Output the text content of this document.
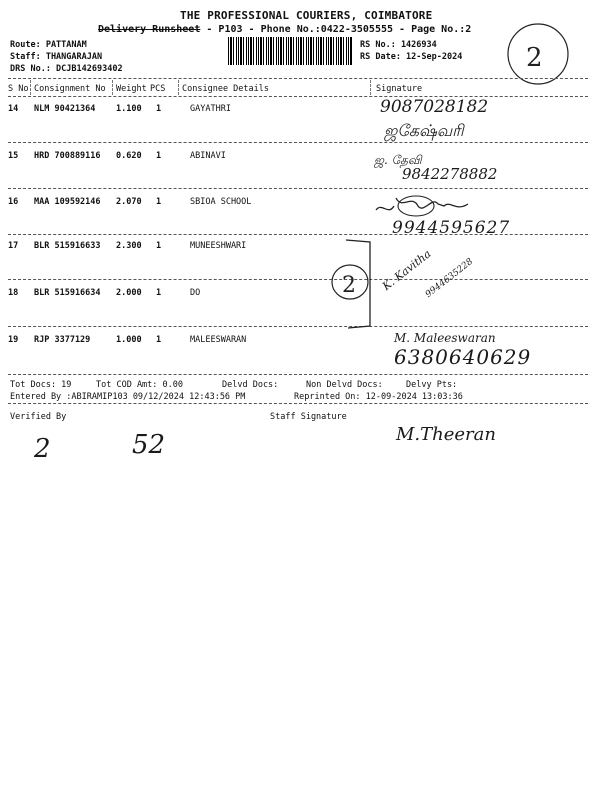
THE PROFESSIONAL COURIERS, COIMBATORE
Delivery Runsheet - P103 - Phone No.:0422-3505555 - Page No.:2
Route: PATTANAM
Staff: THANGARAJAN
DRS No.: DCJB142693402
RS No.: 1426934
RS Date: 12-Sep-2024 2
S No Consignment No Weight PCS Consignee Details	Signature
14 NLM 90421364 1.100 1	GAYATHRI	9087028182
ஜகேஷ்வரி
15 HRD 700889116 0.620 1	ABINAVI	ஜ. தேவி
9842278882
16 MAA 109592146 2.070 1	SBIOA SCHOOL
9944595627
17 BLR 515916633 2.300 1	MUNEESHWARI
18 BLR 515916634 2.000 1	DO	K. Kavitha
9944635228
2
19 RJP 3377129	1.000 1	MALEESWARAN	M. Maleeswaran
6380640629
Tot Docs: 19	Tot COD Amt: 0.00	Delvd Docs:	Non Delvd Docs:	Delvy Pts:
Entered By :ABIRAMIP103 09/12/2024 12:43:56 PM	Reprinted On: 12-09-2024 13:03:36
Verified By	Staff Signature
2	52	M.Theeran
